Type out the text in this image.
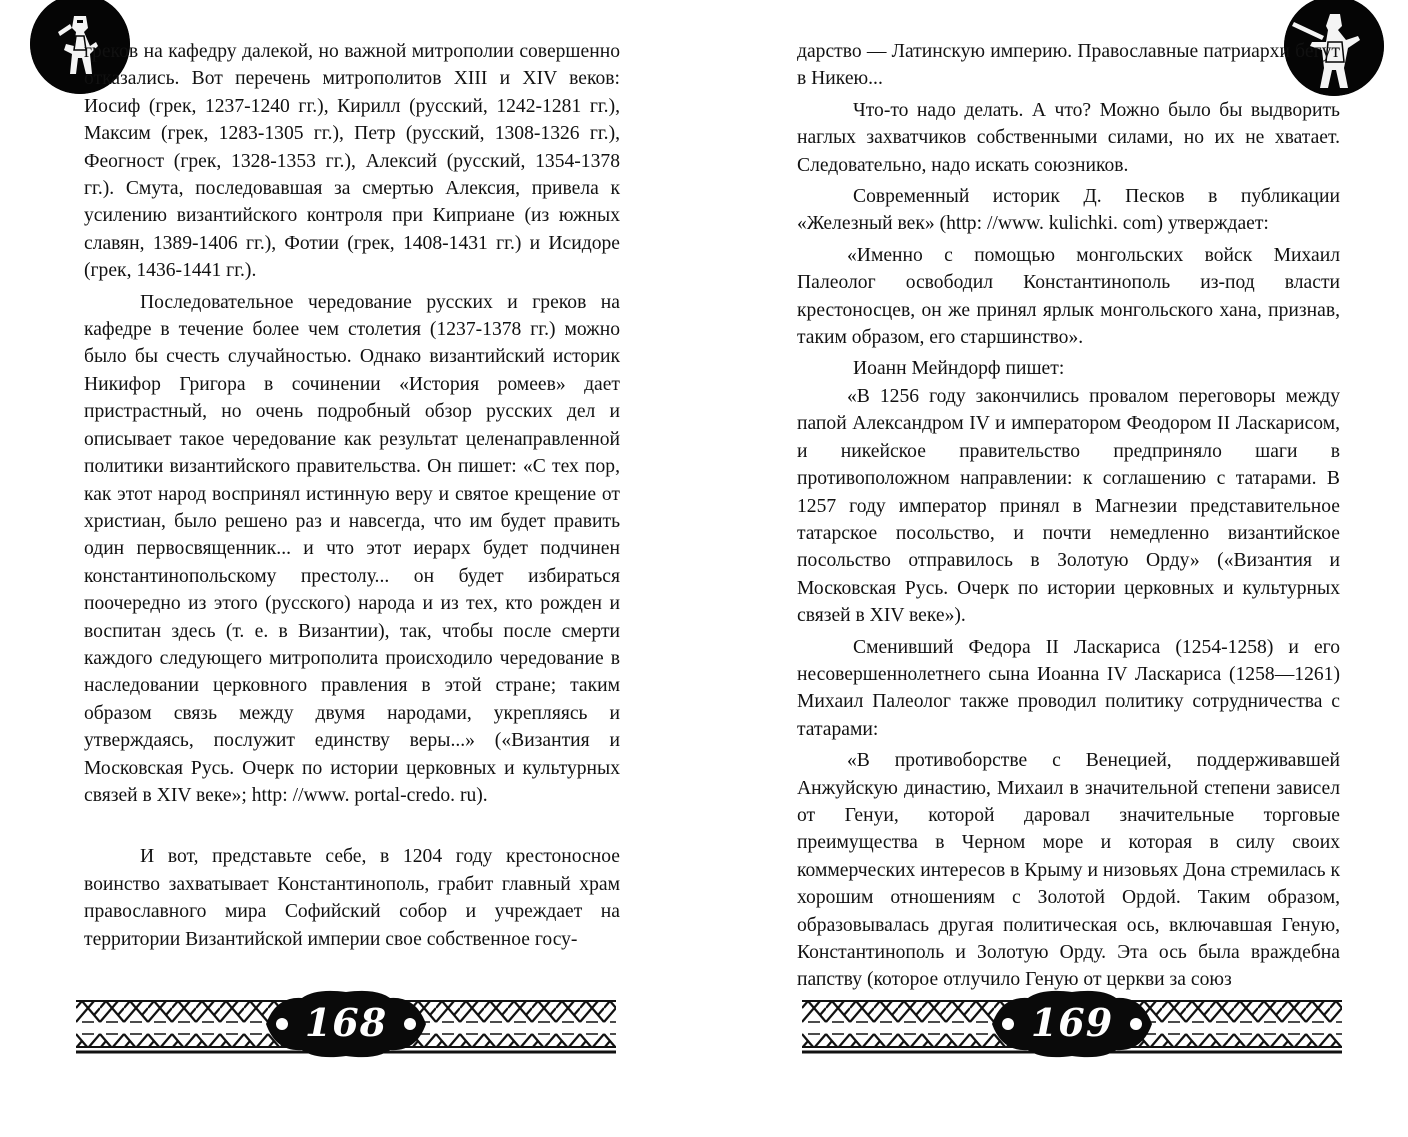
грeков на кафедру далекой, но важной митрополии совершенно отказались. Вот перечень митрополитов XIII и XIV веков: Иосиф (грек, 1237-1240 гг.), Кирилл (русский, 1242-1281 гг.), Максим (грек, 1283-1305 гг.), Петр (русский, 1308-1326 гг.), Феогност (грек, 1328-1353 гг.), Алексий (русский, 1354-1378 гг.). Смута, последовавшая за смертью Алексия, привела к усилению византийского контроля при Киприане (из южных славян, 1389-1406 гг.), Фотии (грек, 1408-1431 гг.) и Исидоре (грек, 1436-1441 гг.).

Последовательное чередование русских и греков на кафедре в течение более чем столетия (1237-1378 гг.) можно было бы счесть случайностью. Однако византийский историк Никифор Григора в сочинении «История ромеев» дает пристрастный, но очень подробный обзор русских дел и описывает такое чередование как результат целенаправленной политики византийского правительства. Он пишет: «С тех пор, как этот народ воспринял истинную веру и святое крещение от христиан, было решено раз и навсегда, что им будет править один первосвященник... и что этот иерарх будет подчинен константинопольскому престолу... он будет избираться поочередно из этого (русского) народа и из тех, кто рожден и воспитан здесь (т. е. в Византии), так, чтобы после смерти каждого следующего митрополита происходило чередование в наследовании церковного правления в этой стране; таким образом связь между двумя народами, укрепляясь и утверждаясь, послужит единству веры...» («Византия и Московская Русь. Очерк по истории церковных и культурных связей в XIV веке»; http: //www. portal-credo. ru).

И вот, представьте себе, в 1204 году крестоносное воинство захватывает Константинополь, грабит главный храм православного мира Софийский собор и учреждает на территории Византийской империи свое собственное госу-

168

дарство — Латинскую империю. Православные патриархи бегут в Никею...

Что-то надо делать. А что? Можно было бы выдворить наглых захватчиков собственными силами, но их не хватает. Следовательно, надо искать союзников.

Современный историк Д. Песков в публикации «Железный век» (http: //www. kulichki. com) утверждает:

«Именно с помощью монгольских войск Михаил Палеолог освободил Константинополь из-под власти крестоносцев, он же принял ярлык монгольского хана, признав, таким образом, его старшинство».

Иоанн Мейндорф пишет:

«В 1256 году закончились провалом переговоры между папой Александром IV и императором Феодором II Ласкарисом, и никейское правительство предприняло шаги в противоположном направлении: к соглашению с татарами. В 1257 году император принял в Магнезии представительное татарское посольство, и почти немедленно византийское посольство отправилось в Золотую Орду» («Византия и Московская Русь. Очерк по истории церковных и культурных связей в XIV веке»).

Сменивший Федора II Ласкариса (1254-1258) и его несовершеннолетнего сына Иоанна IV Ласкариса (1258—1261) Михаил Палеолог также проводил политику сотрудничества с татарами:

«В противоборстве с Венецией, поддерживавшей Анжуйскую династию, Михаил в значительной степени зависел от Генуи, которой даровал значительные торговые преимущества в Черном море и которая в силу своих коммерческих интересов в Крыму и низовьях Дона стремилась к хорошим отношениям с Золотой Ордой. Таким образом, образовывалась другая политическая ось, включавшая Геную, Константинополь и Золотую Орду. Эта ось была враждебна папству (которое отлучило Геную от церкви за союз

169
